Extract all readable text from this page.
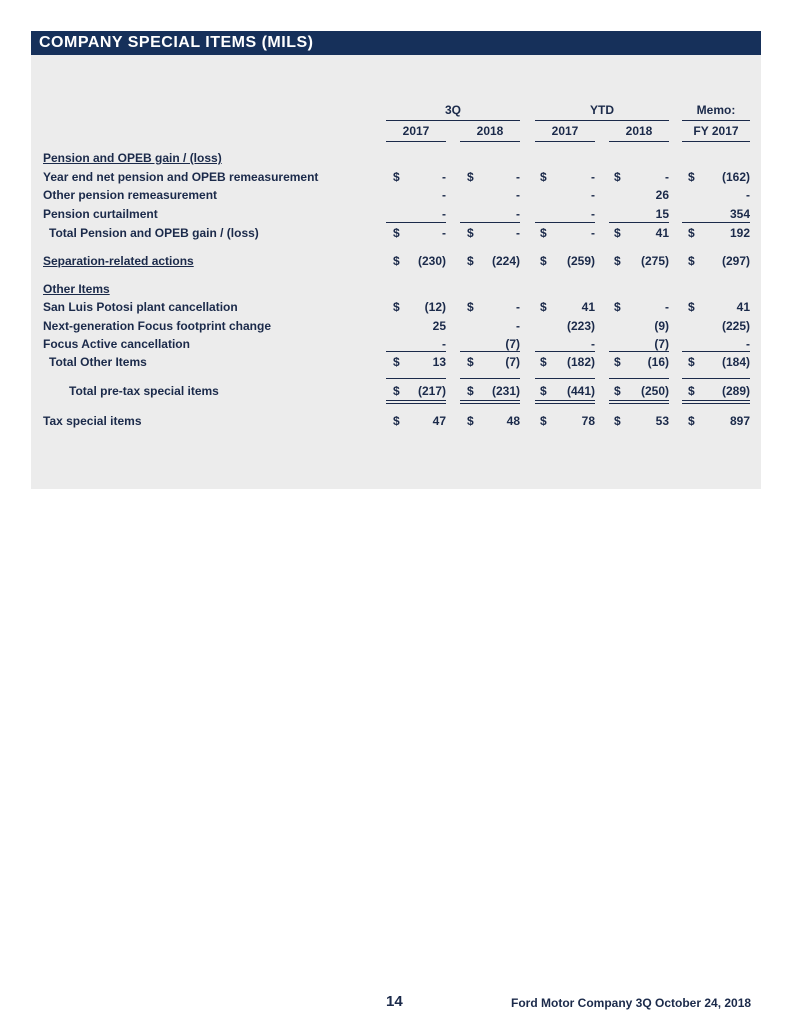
COMPANY SPECIAL ITEMS (MILS)
3Q	YTD	Memo:
2017	2018	2017	2018	FY 2017
Pension and OPEB gain / (loss)
Year end net pension and OPEB remeasurement	$	- $	- $	- $	- $	(162)
Other pension remeasurement	-	-	-	26	-
Pension curtailment	-	-	-	15	354
Total Pension and OPEB gain / (loss)	$	- $	- $	- $	41 $	192
Separation-related actions	$	(230) $	(224) $	(259) $	(275) $	(297)
Other Items
San Luis Potosi plant cancellation	$	(12) $	- $	41 $	- $	41
Next-generation Focus footprint change	25	-	(223)	(9)	(225)
Focus Active cancellation	-	(7)	-	(7)	-
Total Other Items	$	13 $	(7) $	(182) $	(16) $	(184)
Total pre-tax special items	$	(217) $	(231) $	(441) $	(250) $	(289)
Tax special items	$	47 $	48 $	78 $	53 $	897
14	Ford Motor Company 3Q October 24, 2018
